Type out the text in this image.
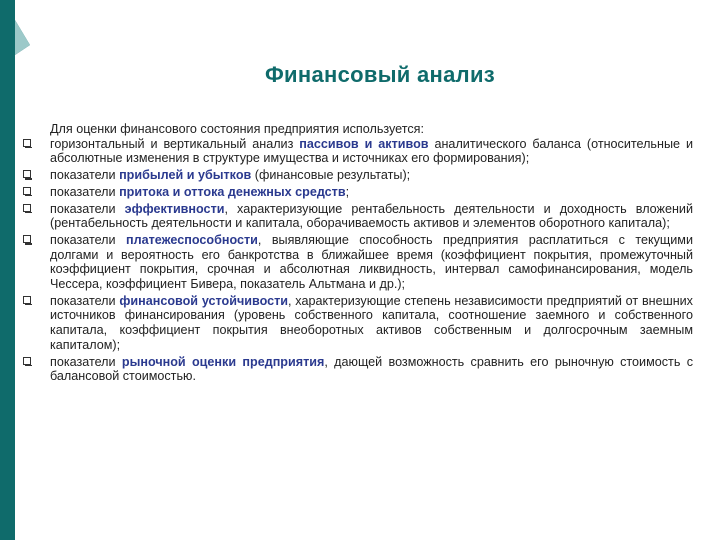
Финансовый анализ
Для оценки финансового состояния предприятия используется:
горизонтальный и вертикальный анализ пассивов и активов аналитического баланса (относительные и абсолютные изменения в структуре имущества и источниках его формирования);
показатели прибылей и убытков (финансовые результаты);
показатели притока и оттока денежных средств;
показатели эффективности, характеризующие рентабельность деятельности и доходность вложений (рентабельность деятельности и капитала, оборачиваемость активов и элементов оборотного капитала);
показатели платежеспособности, выявляющие способность предприятия расплатиться с текущими долгами и вероятность его банкротства в ближайшее время (коэффициент покрытия, промежуточный коэффициент покрытия, срочная и абсолютная ликвидность, интервал самофинансирования, модель Чессера, коэффициент Бивера, показатель Альтмана и др.);
показатели финансовой устойчивости, характеризующие степень независимости предприятий от внешних источников финансирования (уровень собственного капитала, соотношение заемного и собственного капитала, коэффициент покрытия внеоборотных активов собственным и долгосрочным заемным капиталом);
показатели рыночной оценки предприятия, дающей возможность сравнить его рыночную стоимость с балансовой стоимостью.
